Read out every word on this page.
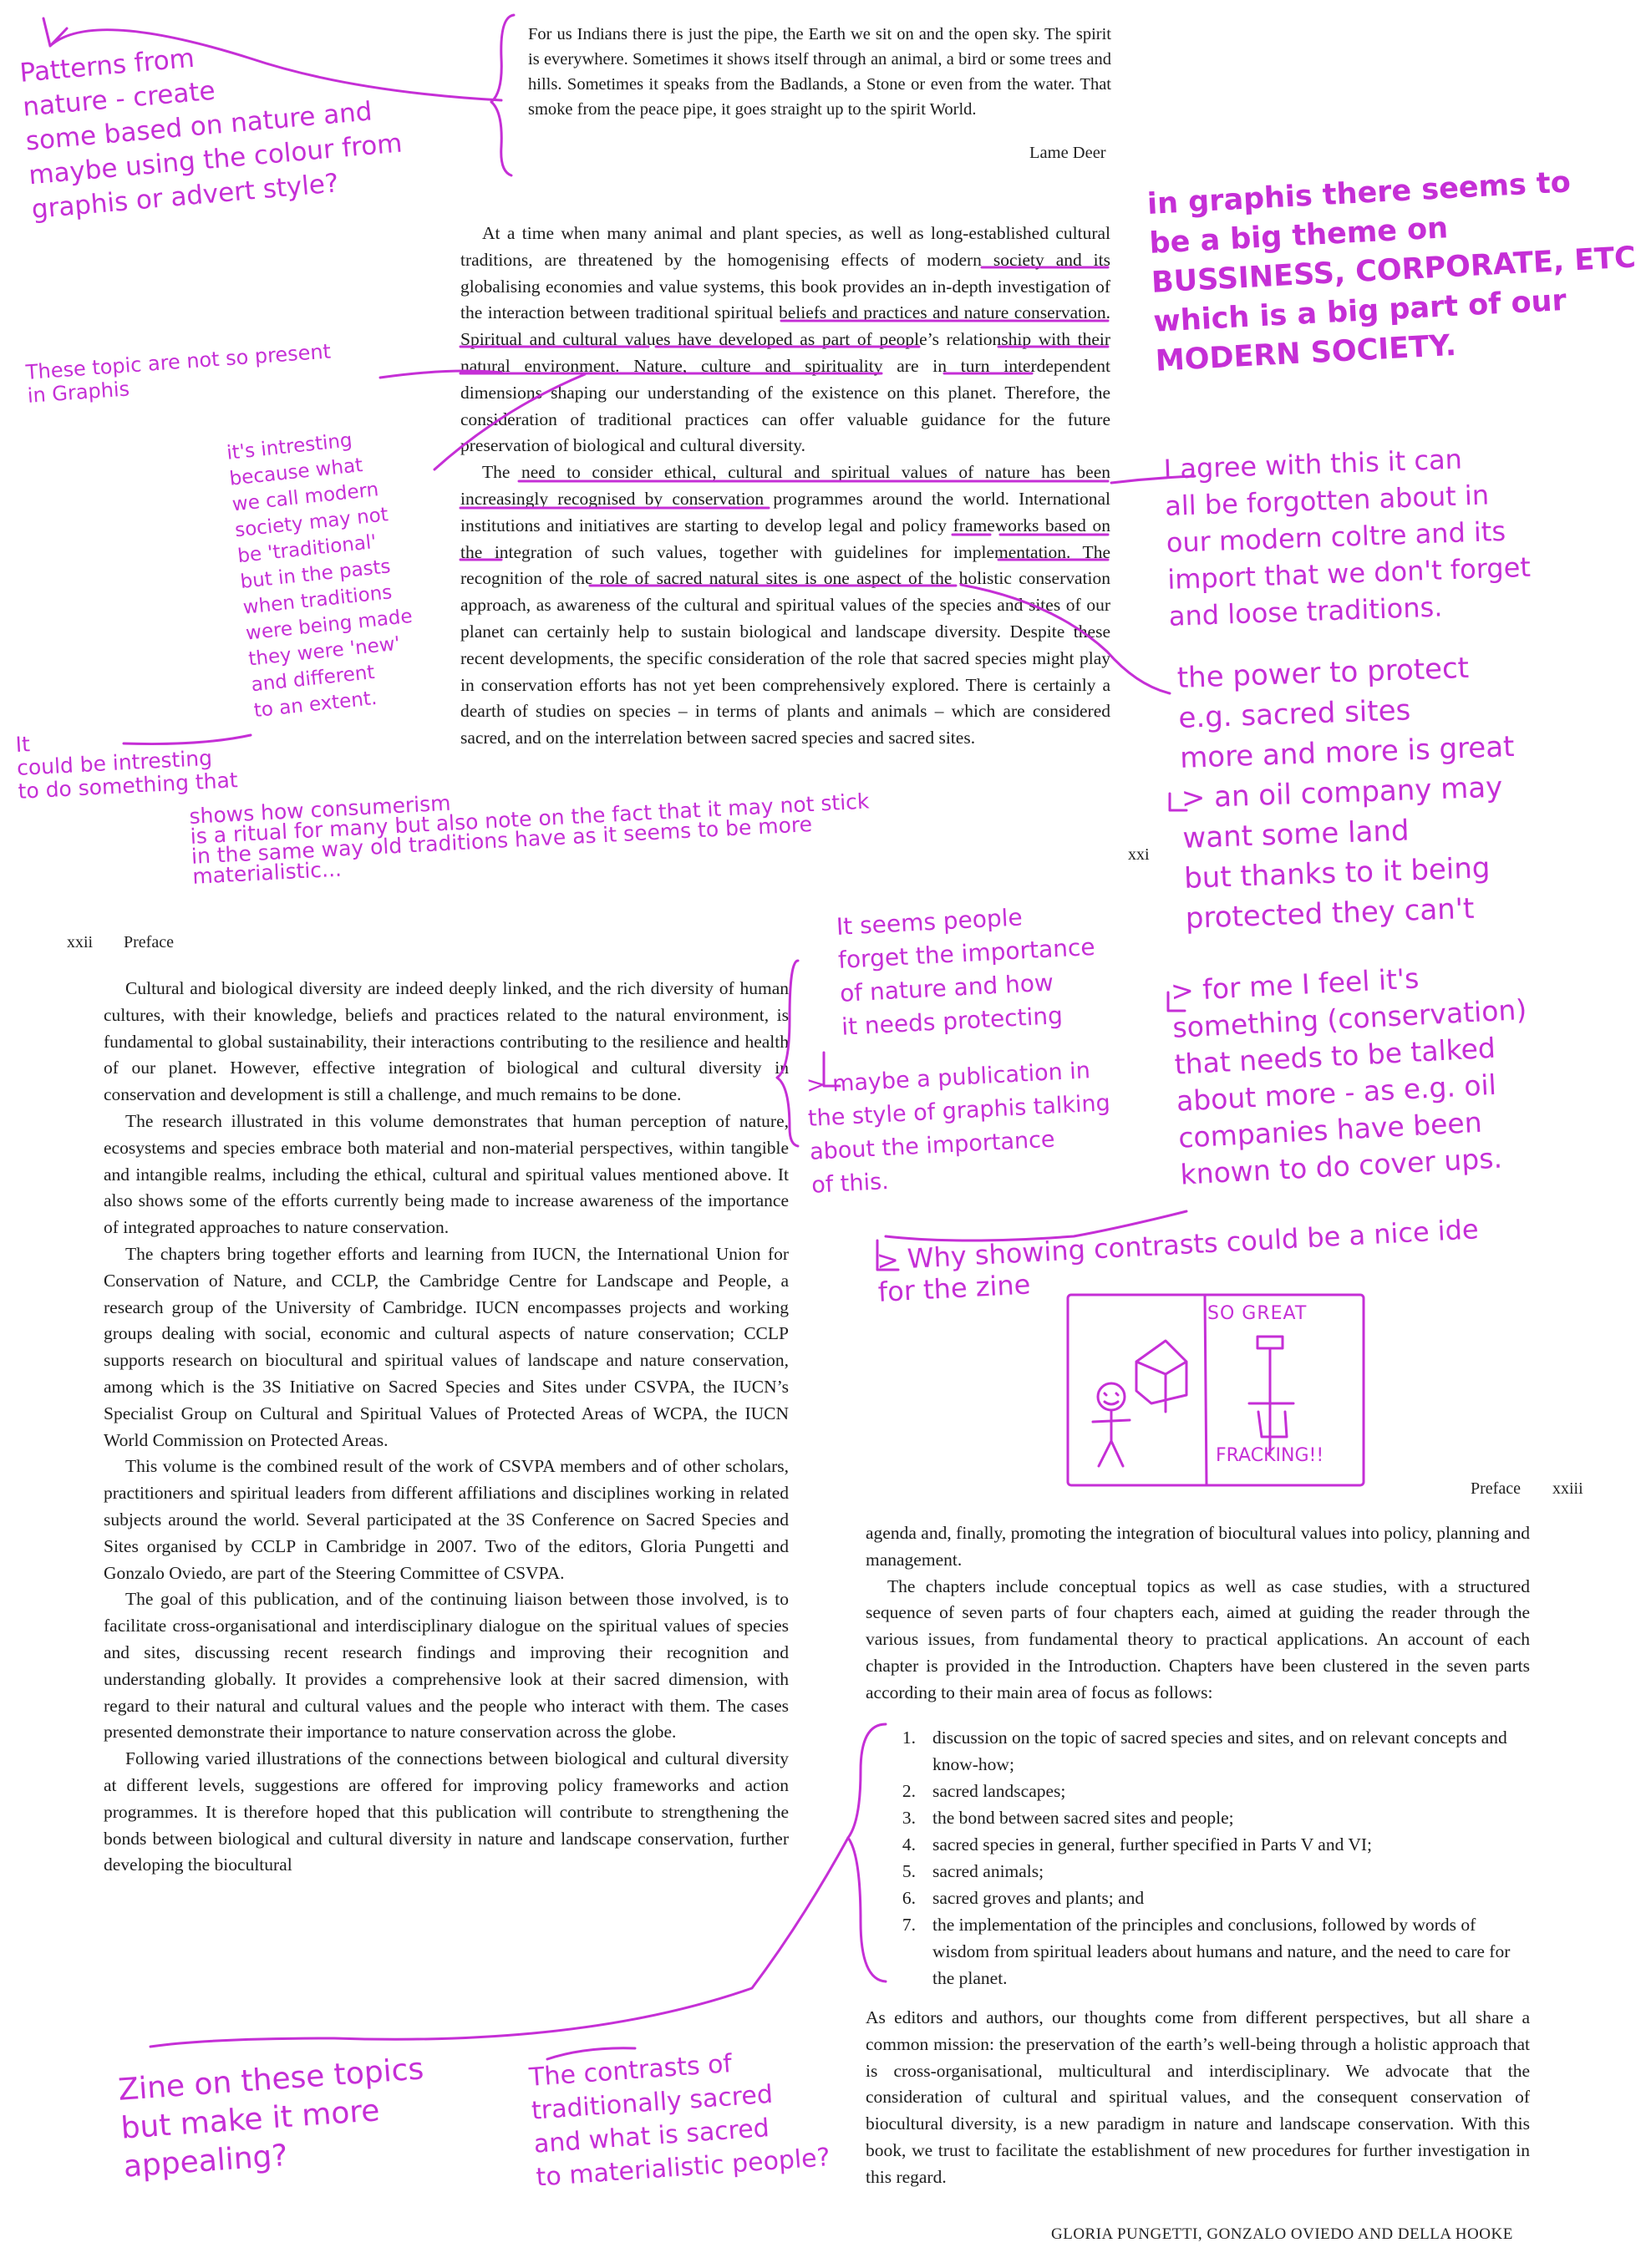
For us Indians there is just the pipe, the Earth we sit on and the open sky. The spirit is everywhere. Sometimes it shows itself through an animal, a bird or some trees and hills. Sometimes it speaks from the Badlands, a Stone or even from the water. That smoke from the peace pipe, it goes straight up to the spirit World.
Lame Deer

At a time when many animal and plant species, as well as long-established cultural traditions, are threatened by the homogenising effects of modern society and its globalising economies and value systems, this book provides an in-depth investigation of the interaction between traditional spiritual beliefs and practices and nature conservation. Spiritual and cultural values have developed as part of people’s relationship with their natural environment. Nature, culture and spirituality are in turn interdependent dimensions shaping our understanding of the existence on this planet. Therefore, the consideration of traditional practices can offer valuable guidance for the future preservation of biological and cultural diversity.

The need to consider ethical, cultural and spiritual values of nature has been increasingly recognised by conservation programmes around the world. International institutions and initiatives are starting to develop legal and policy frameworks based on the integration of such values, together with guidelines for implementation. The recognition of the role of sacred natural sites is one aspect of the holistic conservation approach, as awareness of the cultural and spiritual values of the species and sites of our planet can certainly help to sustain biological and landscape diversity. Despite these recent developments, the specific consideration of the role that sacred species might play in conservation efforts has not yet been comprehensively explored. There is certainly a dearth of studies on species – in terms of plants and animals – which are considered sacred, and on the interrelation between sacred species and sacred sites.

xxi
xxii Preface

Cultural and biological diversity are indeed deeply linked, and the rich diversity of human cultures, with their knowledge, beliefs and practices related to the natural environment, is fundamental to global sustainability, their interactions contributing to the resilience and health of our planet. However, effective integration of biological and cultural diversity in conservation and development is still a challenge, and much remains to be done.

The research illustrated in this volume demonstrates that human perception of nature, ecosystems and species embrace both material and non-material perspectives, within tangible and intangible realms, including the ethical, cultural and spiritual values mentioned above. It also shows some of the efforts currently being made to increase awareness of the importance of integrated approaches to nature conservation.

The chapters bring together efforts and learning from IUCN, the International Union for Conservation of Nature, and CCLP, the Cambridge Centre for Landscape and People, a research group of the University of Cambridge. IUCN encompasses projects and working groups dealing with social, economic and cultural aspects of nature conservation; CCLP supports research on biocultural and spiritual values of landscape and nature conservation, among which is the 3S Initiative on Sacred Species and Sites under CSVPA, the IUCN’s Specialist Group on Cultural and Spiritual Values of Protected Areas of WCPA, the IUCN World Commission on Protected Areas.

This volume is the combined result of the work of CSVPA members and of other scholars, practitioners and spiritual leaders from different affiliations and disciplines working in related subjects around the world. Several participated at the 3S Conference on Sacred Species and Sites organised by CCLP in Cambridge in 2007. Two of the editors, Gloria Pungetti and Gonzalo Oviedo, are part of the Steering Committee of CSVPA.

The goal of this publication, and of the continuing liaison between those involved, is to facilitate cross-organisational and interdisciplinary dialogue on the spiritual values of species and sites, discussing recent research findings and improving their recognition and understanding globally. It provides a comprehensive look at their sacred dimension, with regard to their natural and cultural values and the people who interact with them. The cases presented demonstrate their importance to nature conservation across the globe.

Following varied illustrations of the connections between biological and cultural diversity at different levels, suggestions are offered for improving policy frameworks and action programmes. It is therefore hoped that this publication will contribute to strengthening the bonds between biological and cultural diversity in nature and landscape conservation, further developing the biocultural

Preface xxiii

agenda and, finally, promoting the integration of biocultural values into policy, planning and management.

The chapters include conceptual topics as well as case studies, with a structured sequence of seven parts of four chapters each, aimed at guiding the reader through the various issues, from fundamental theory to practical applications. An account of each chapter is provided in the Introduction. Chapters have been clustered in the seven parts according to their main area of focus as follows:

1. discussion on the topic of sacred species and sites, and on relevant concepts and know-how;
2. sacred landscapes;
3. the bond between sacred sites and people;
4. sacred species in general, further specified in Parts V and VI;
5. sacred animals;
6. sacred groves and plants; and
7. the implementation of the principles and conclusions, followed by words of wisdom from spiritual leaders about humans and nature, and the need to care for the planet.

As editors and authors, our thoughts come from different perspectives, but all share a common mission: the preservation of the earth’s well-being through a holistic approach that is cross-organisational, multicultural and interdisciplinary. We advocate that the consideration of cultural and spiritual values, and the consequent conservation of biocultural diversity, is a new paradigm in nature and landscape conservation. With this book, we trust to facilitate the establishment of new procedures for further investigation in this regard.

GLORIA PUNGETTI, GONZALO OVIEDO AND DELLA HOOKE
Patterns from
nature - create
some based on nature and
maybe using the colour from
graphis or advert style?	in graphis there seems to
be a big theme on
BUSSINESS, CORPORATE, ETC
which is a big part of our
MODERN SOCIETY.
These topic are not so present
in Graphis
it's intresting
because what
we call modern
society may not
be 'traditional'
but in the pasts
when traditions
were being made
they were 'new'
and different
to an extent.
I agree with this it can
all be forgotten about in
our modern coltre and its
import that we don't forget
and loose traditions.
the power to protect
e.g. sacred sites
more and more is great
> an oil company may
want some land
but thanks to it being
protected they can't
It
could be intresting
to do something that
shows how consumerism
is a ritual for many but also note on the fact that it may not stick
in the same way old traditions have as it seems to be more
materialistic...
It seems people
forget the importance
of nature and how
it needs protecting
> maybe a publication in
the style of graphis talking
about the importance
of this.
> for me I feel it's
something (conservation)
that needs to be talked
about more - as e.g. oil
companies have been
known to do cover ups.
> Why showing contrasts could be a nice ide
for the zine
SO GREAT
FRACKING!!
Zine on these topics
but make it more
appealing?
The contrasts of
traditionally sacred
and what is sacred
to materialistic people?
